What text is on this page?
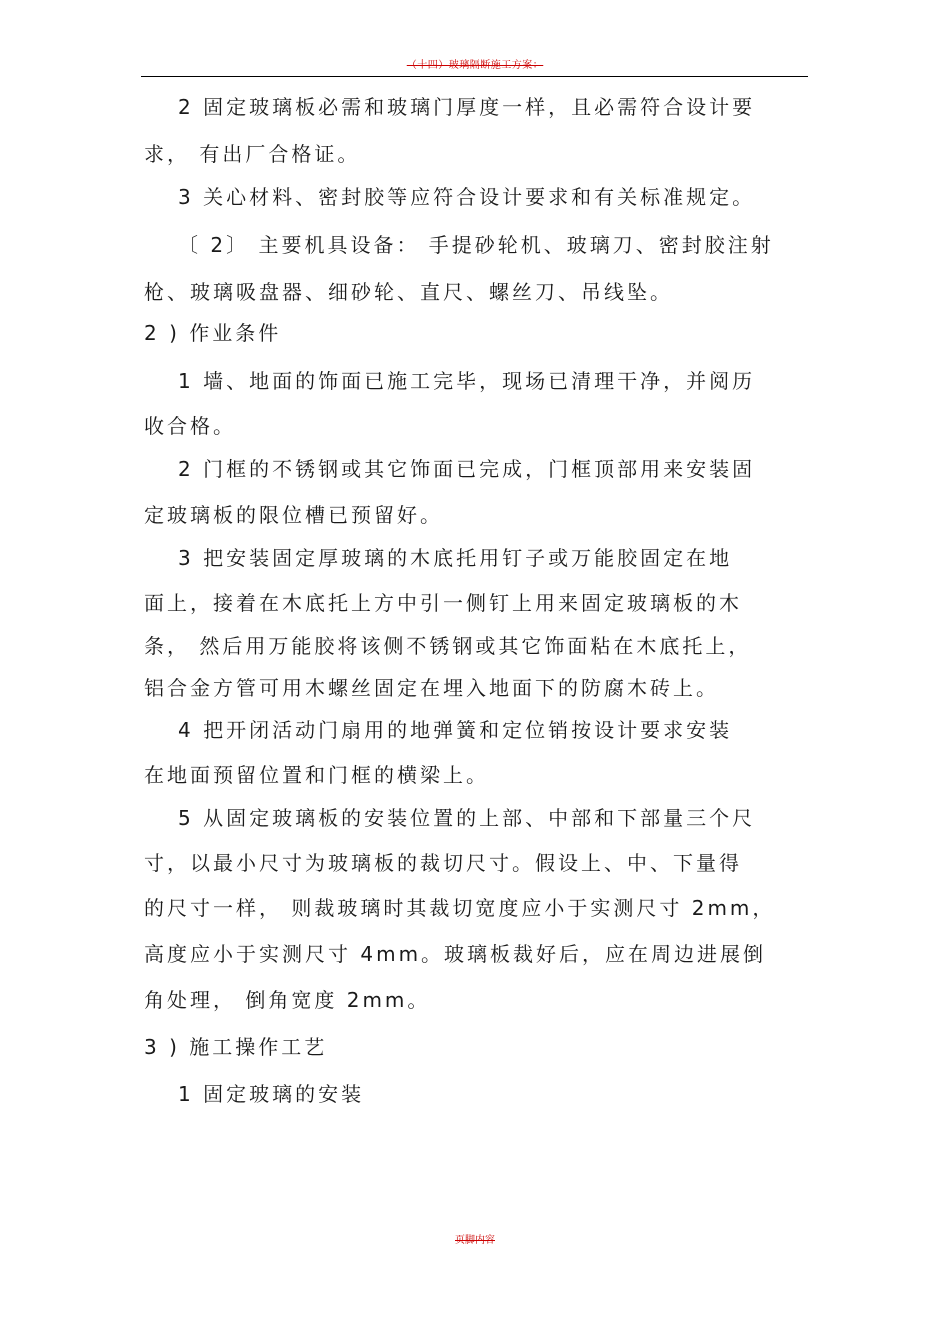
（十四）玻璃隔断施工方案：
2 固定玻璃板必需和玻璃门厚度一样，且必需符合设计要
求， 有出厂合格证。
3 关心材料、密封胶等应符合设计要求和有关标准规定。
〔 2〕 主要机具设备： 手提砂轮机、玻璃刀、密封胶注射
枪、玻璃吸盘器、细砂轮、直尺、螺丝刀、吊线坠。
2 ) 作业条件
1 墙、地面的饰面已施工完毕，现场已清理干净，并阅历
收合格。
2 门框的不锈钢或其它饰面已完成，门框顶部用来安装固
定玻璃板的限位槽已预留好。
3 把安装固定厚玻璃的木底托用钉子或万能胶固定在地
面上，接着在木底托上方中引一侧钉上用来固定玻璃板的木
条， 然后用万能胶将该侧不锈钢或其它饰面粘在木底托上，
铝合金方管可用木螺丝固定在埋入地面下的防腐木砖上。
4 把开闭活动门扇用的地弹簧和定位销按设计要求安装
在地面预留位置和门框的横梁上。
5 从固定玻璃板的安装位置的上部、中部和下部量三个尺
寸，以最小尺寸为玻璃板的裁切尺寸。假设上、中、下量得
的尺寸一样， 则裁玻璃时其裁切宽度应小于实测尺寸 2mm，
高度应小于实测尺寸 4mm。玻璃板裁好后，应在周边进展倒
角处理， 倒角宽度 2mm。
3 ) 施工操作工艺
1 固定玻璃的安装
页脚内容
